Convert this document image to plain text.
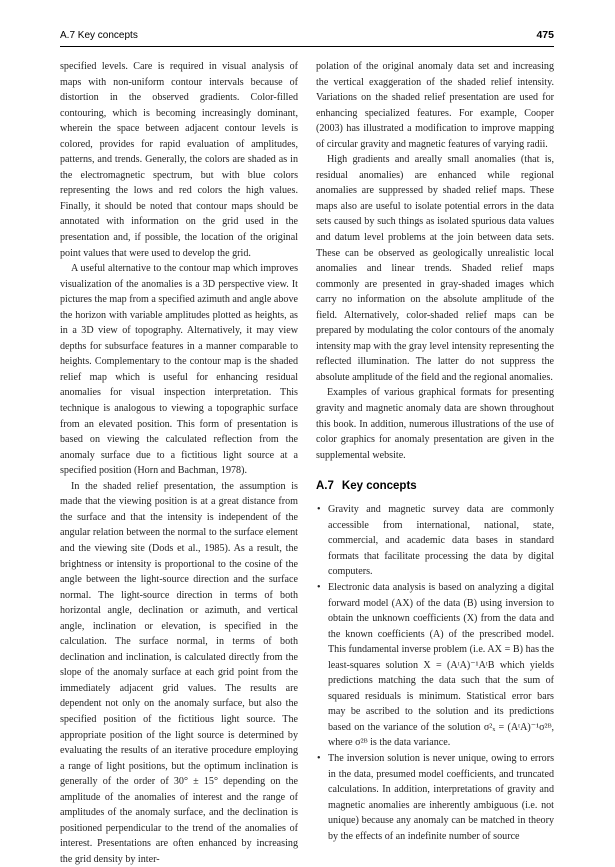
A.7 Key concepts	475

specified levels. Care is required in visual analysis of maps with non-uniform contour intervals because of distortion in the observed gradients. Color-filled contouring, which is becoming increasingly dominant, wherein the space between adjacent contour levels is colored, provides for rapid evaluation of amplitudes, patterns, and trends. Generally, the colors are shaded as in the electromagnetic spectrum, but with blue colors representing the lows and red colors the high values. Finally, it should be noted that contour maps should be annotated with information on the grid used in the presentation and, if possible, the location of the original point values that were used to develop the grid.

A useful alternative to the contour map which improves visualization of the anomalies is a 3D perspective view. It pictures the map from a specified azimuth and angle above the horizon with variable amplitudes plotted as heights, as in a 3D view of topography. Alternatively, it may view depths for subsurface features in a manner comparable to heights. Complementary to the contour map is the shaded relief map which is useful for enhancing residual anomalies for visual inspection interpretation. This technique is analogous to viewing a topographic surface from an elevated position. This form of presentation is based on viewing the calculated reflection from the anomaly surface due to a fictitious light source at a specified position (Horn and Bachman, 1978).

In the shaded relief presentation, the assumption is made that the viewing position is at a great distance from the surface and that the intensity is independent of the angular relation between the normal to the surface element and the viewing site (Dods et al., 1985). As a result, the brightness or intensity is proportional to the cosine of the angle between the light-source direction and the surface normal. The light-source direction in terms of both horizontal angle, declination or azimuth, and vertical angle, inclination or elevation, is specified in the calculation. The surface normal, in terms of both declination and inclination, is calculated directly from the slope of the anomaly surface at each grid point from the immediately adjacent grid values. The results are dependent not only on the anomaly surface, but also the specified position of the fictitious light source. The appropriate position of the light source is determined by evaluating the results of an iterative procedure employing a range of light positions, but the optimum inclination is generally of the order of 30° ± 15° depending on the amplitude of the anomalies of interest and the range of amplitudes of the anomaly surface, and the declination is positioned perpendicular to the trend of the anomalies of interest. Presentations are often enhanced by increasing the grid density by inter-

polation of the original anomaly data set and increasing the vertical exaggeration of the shaded relief intensity. Variations on the shaded relief presentation are used for enhancing specialized features. For example, Cooper (2003) has illustrated a modification to improve mapping of circular gravity and magnetic features of varying radii.

High gradients and areally small anomalies (that is, residual anomalies) are enhanced while regional anomalies are suppressed by shaded relief maps. These maps also are useful to isolate potential errors in the data sets caused by such things as isolated spurious data values and datum level problems at the join between data sets. These can be observed as geologically unrealistic local anomalies and linear trends. Shaded relief maps commonly are presented in gray-shaded images which carry no information on the absolute amplitude of the field. Alternatively, color-shaded relief maps can be prepared by modulating the color contours of the anomaly intensity map with the gray level intensity representing the reflected illumination. The latter do not suppress the absolute amplitude of the field and the regional anomalies.

Examples of various graphical formats for presenting gravity and magnetic anomaly data are shown throughout this book. In addition, numerous illustrations of the use of color graphics for anomaly presentation are given in the supplemental website.

A.7 Key concepts
• Gravity and magnetic survey data are commonly accessible from international, national, state, commercial, and academic data bases in standard formats that facilitate processing the data by digital computers.
• Electronic data analysis is based on analyzing a digital forward model (AX) of the data (B) using inversion to obtain the unknown coefficients (X) from the data and the known coefficients (A) of the prescribed model. This fundamental inverse problem (i.e. AX = B) has the least-squares solution X = (AᵗA)⁻¹AᵗB which yields predictions matching the data such that the sum of squared residuals is minimum. Statistical error bars may be ascribed to the solution and its predictions based on the variance of the solution σ²ₓ = (AᵗA)⁻¹σ²ᴮ, where σ²ᴮ is the data variance.
• The inversion solution is never unique, owing to errors in the data, presumed model coefficients, and truncated calculations. In addition, interpretations of gravity and magnetic anomalies are inherently ambiguous (i.e. not unique) because any anomaly can be matched in theory by the effects of an indefinite number of source
